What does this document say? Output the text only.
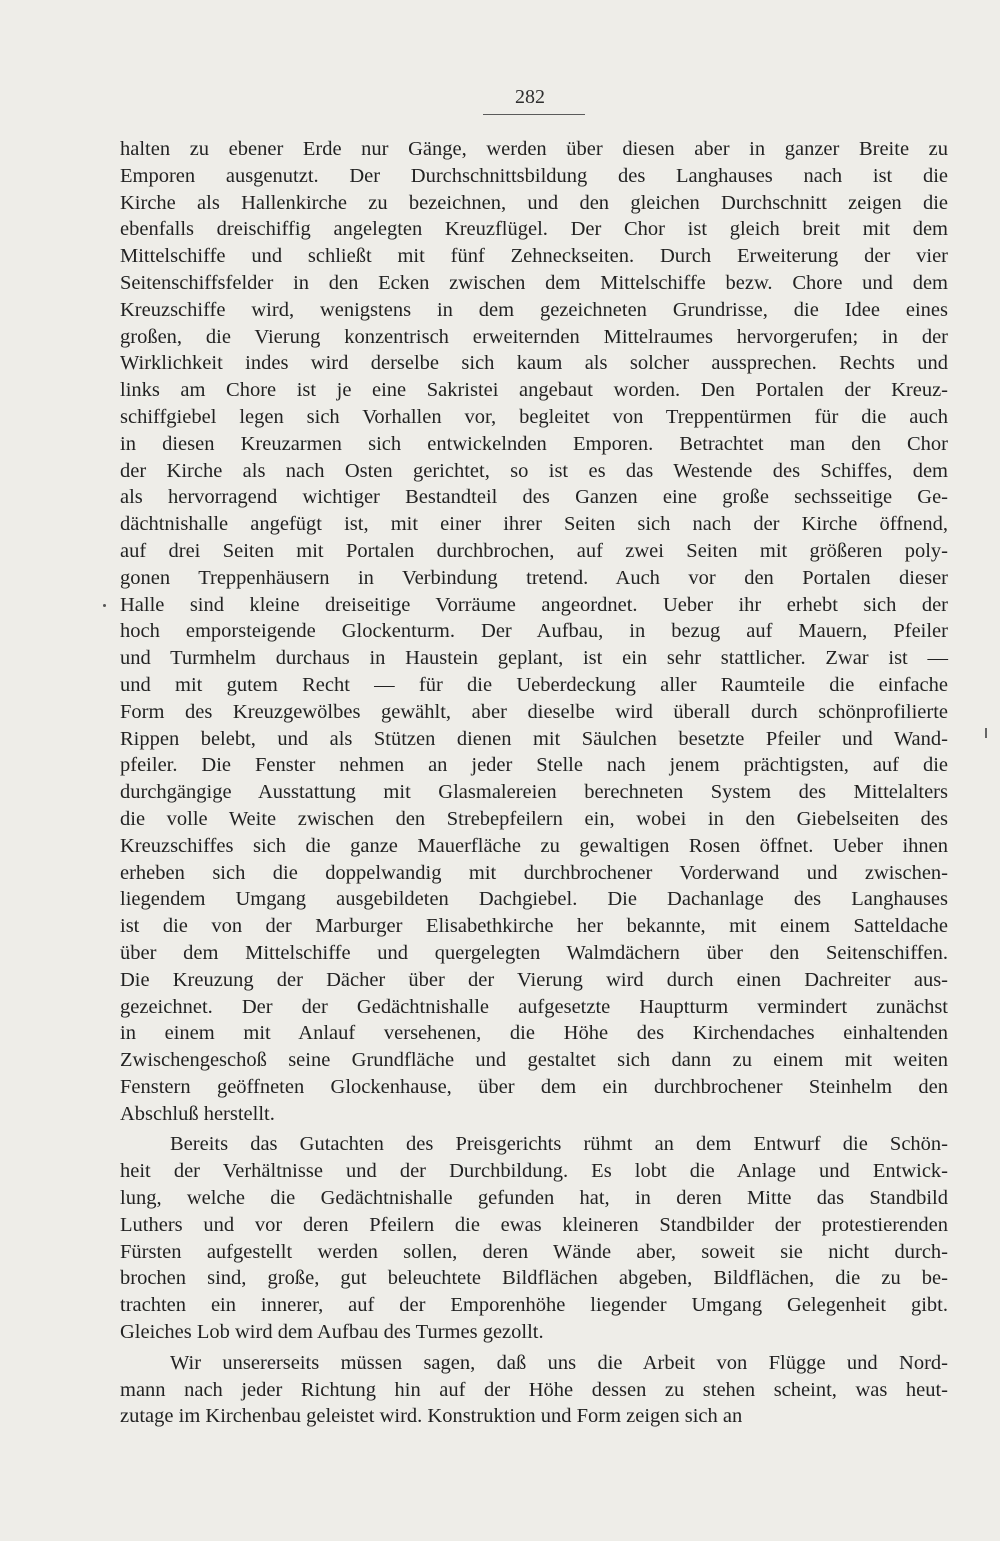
282
halten zu ebener Erde nur Gänge, werden über diesen aber in ganzer Breite zu
Emporen ausgenutzt. Der Durchschnittsbildung des Langhauses nach ist die
Kirche als Hallenkirche zu bezeichnen, und den gleichen Durchschnitt zeigen die
ebenfalls dreischiffig angelegten Kreuzflügel. Der Chor ist gleich breit mit dem
Mittelschiffe und schließt mit fünf Zehneckseiten. Durch Erweiterung der vier
Seitenschiffsfelder in den Ecken zwischen dem Mittelschiffe bezw. Chore und dem
Kreuzschiffe wird, wenigstens in dem gezeichneten Grundrisse, die Idee eines
großen, die Vierung konzentrisch erweiternden Mittelraumes hervorgerufen; in der
Wirklichkeit indes wird derselbe sich kaum als solcher aussprechen. Rechts und
links am Chore ist je eine Sakristei angebaut worden. Den Portalen der Kreuz-
schiffgiebel legen sich Vorhallen vor, begleitet von Treppentürmen für die auch
in diesen Kreuzarmen sich entwickelnden Emporen. Betrachtet man den Chor
der Kirche als nach Osten gerichtet, so ist es das Westende des Schiffes, dem
als hervorragend wichtiger Bestandteil des Ganzen eine große sechsseitige Ge-
dächtnishalle angefügt ist, mit einer ihrer Seiten sich nach der Kirche öffnend,
auf drei Seiten mit Portalen durchbrochen, auf zwei Seiten mit größeren poly-
gonen Treppenhäusern in Verbindung tretend. Auch vor den Portalen dieser
Halle sind kleine dreiseitige Vorräume angeordnet. Ueber ihr erhebt sich der
hoch emporsteigende Glockenturm. Der Aufbau, in bezug auf Mauern, Pfeiler
und Turmhelm durchaus in Haustein geplant, ist ein sehr stattlicher. Zwar ist —
und mit gutem Recht — für die Ueberdeckung aller Raumteile die einfache
Form des Kreuzgewölbes gewählt, aber dieselbe wird überall durch schönprofilierte
Rippen belebt, und als Stützen dienen mit Säulchen besetzte Pfeiler und Wand-
pfeiler. Die Fenster nehmen an jeder Stelle nach jenem prächtigsten, auf die
durchgängige Ausstattung mit Glasmalereien berechneten System des Mittelalters
die volle Weite zwischen den Strebepfeilern ein, wobei in den Giebelseiten des
Kreuzschiffes sich die ganze Mauerfläche zu gewaltigen Rosen öffnet. Ueber ihnen
erheben sich die doppelwandig mit durchbrochener Vorderwand und zwischen-
liegendem Umgang ausgebildeten Dachgiebel. Die Dachanlage des Langhauses
ist die von der Marburger Elisabethkirche her bekannte, mit einem Satteldache
über dem Mittelschiffe und quergelegten Walmdächern über den Seitenschiffen.
Die Kreuzung der Dächer über der Vierung wird durch einen Dachreiter aus-
gezeichnet. Der der Gedächtnishalle aufgesetzte Hauptturm vermindert zunächst
in einem mit Anlauf versehenen, die Höhe des Kirchendaches einhaltenden
Zwischengeschoß seine Grundfläche und gestaltet sich dann zu einem mit weiten
Fenstern geöffneten Glockenhause, über dem ein durchbrochener Steinhelm den
Abschluß herstellt.
Bereits das Gutachten des Preisgerichts rühmt an dem Entwurf die Schön-
heit der Verhältnisse und der Durchbildung. Es lobt die Anlage und Entwick-
lung, welche die Gedächtnishalle gefunden hat, in deren Mitte das Standbild
Luthers und vor deren Pfeilern die ewas kleineren Standbilder der protestierenden
Fürsten aufgestellt werden sollen, deren Wände aber, soweit sie nicht durch-
brochen sind, große, gut beleuchtete Bildflächen abgeben, Bildflächen, die zu be-
trachten ein innerer, auf der Emporenhöhe liegender Umgang Gelegenheit gibt.
Gleiches Lob wird dem Aufbau des Turmes gezollt.
Wir unsererseits müssen sagen, daß uns die Arbeit von Flügge und Nord-
mann nach jeder Richtung hin auf der Höhe dessen zu stehen scheint, was heut-
zutage im Kirchenbau geleistet wird. Konstruktion und Form zeigen sich an
